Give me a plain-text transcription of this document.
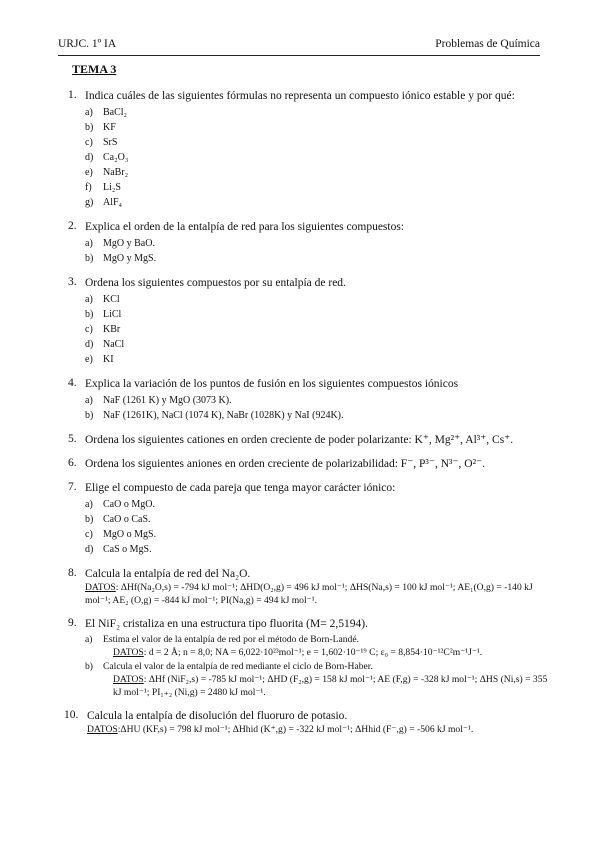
URJC. 1º IA	Problemas de Química
TEMA 3
1. Indica cuáles de las siguientes fórmulas no representa un compuesto iónico estable y por qué:
a) BaCl₂
b) KF
c) SrS
d) Ca₂O₃
e) NaBr₂
f) Li₂S
g) AlF₄
2. Explica el orden de la entalpía de red para los siguientes compuestos:
a) MgO y BaO.
b) MgO y MgS.
3. Ordena los siguientes compuestos por su entalpía de red.
a) KCl
b) LiCl
c) KBr
d) NaCl
e) KI
4. Explica la variación de los puntos de fusión en los siguientes compuestos iónicos
a) NaF (1261 K) y MgO (3073 K).
b) NaF (1261K), NaCl (1074 K), NaBr (1028K) y NaI (924K).
5. Ordena los siguientes cationes en orden creciente de poder polarizante: K⁺, Mg²⁺, Al³⁺, Cs⁺.
6. Ordena los siguientes aniones en orden creciente de polarizabilidad: F⁻, P³⁻, N³⁻, O²⁻.
7. Elige el compuesto de cada pareja que tenga mayor carácter iónico:
a) CaO o MgO.
b) CaO o CaS.
c) MgO o MgS.
d) CaS o MgS.
8. Calcula la entalpía de red del Na₂O.
DATOS: ΔHf(Na₂O,s) = -794 kJ mol⁻¹; ΔHD(O₂,g) = 496 kJ mol⁻¹; ΔHS(Na,s) = 100 kJ mol⁻¹; AE₁(O,g) = -140 kJ mol⁻¹; AE₂ (O,g) = -844 kJ mol⁻¹; PI(Na,g) = 494 kJ mol⁻¹.
9. El NiF₂ cristaliza en una estructura tipo fluorita (M= 2,5194).
a)	Estima el valor de la entalpía de red por el método de Born-Landé.
DATOS: d = 2 Å; n = 8,0; NA = 6,022·10²³mol⁻¹; e = 1,602·10⁻¹⁹ C; ε₀ = 8,854·10⁻¹²C²m⁻¹J⁻¹.
b)	Calcula el valor de la entalpía de red mediante el ciclo de Born-Haber.
DATOS: ΔHf (NiF₂,s) = -785 kJ mol⁻¹; ΔHD (F₂,g) = 158 kJ mol⁻¹; AE (F,g) = -328 kJ mol⁻¹; ΔHS (Ni,s) = 355 kJ mol⁻¹; PI₁₊₂ (Ni,g) = 2480 kJ mol⁻¹.
10. Calcula la entalpía de disolución del fluoruro de potasio.
DATOS:ΔHU (KF,s) = 798 kJ mol⁻¹; ΔHhid (K⁺,g) = -322 kJ mol⁻¹; ΔHhid (F⁻,g) = -506 kJ mol⁻¹.
